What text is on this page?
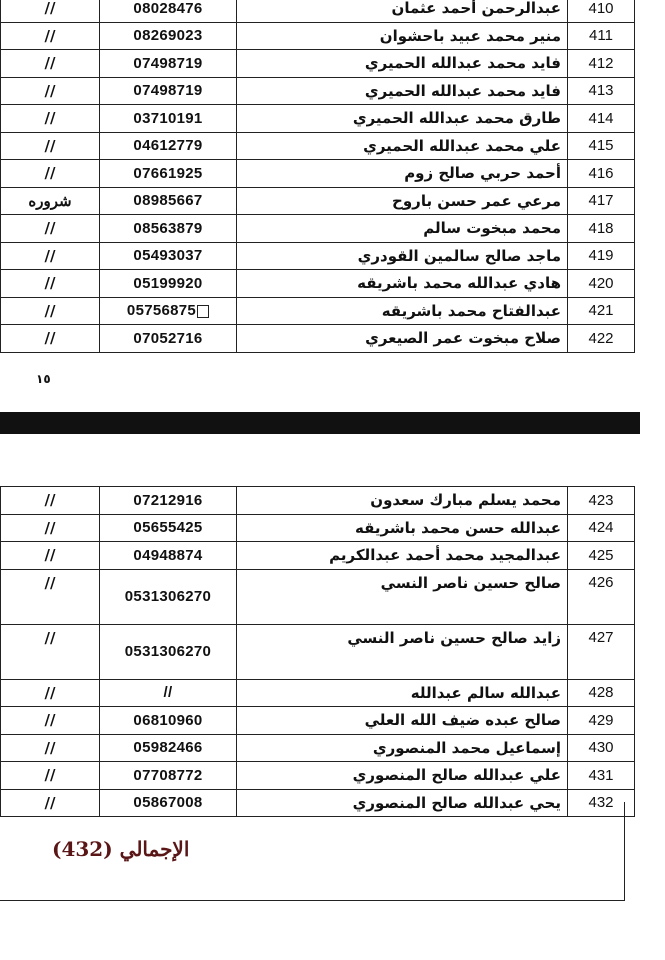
//	08028476	عبدالرحمن أحمد عثمان	410
//	08269023	منير محمد عبيد باحشوان	411
//	07498719	فايد محمد عبدالله الحميري	412
//	07498719	فايد محمد عبدالله الحميري	413
//	03710191	طارق محمد عبدالله الحميري	414
//	04612779	علي محمد عبدالله الحميري	415
//	07661925	أحمد حربي صالح زوم	416
شروره	08985667	مرعي عمر حسن باروح	417
//	08563879	محمد مبخوت سالم	418
//	05493037	ماجد صالح سالمين القودري	419
//	05199920	هادي عبدالله محمد باشريقه	420
//	05756875	عبدالفتاح محمد باشريقه	421
//	07052716	صلاح مبخوت عمر الصيعري	422
١٥
//	07212916	محمد يسلم مبارك سعدون	423
//	05655425	عبدالله حسن محمد باشريقه	424
//	04948874	عبدالمجيد محمد أحمد عبدالكريم	425
//	0531306270	صالح حسين ناصر النسي	426
//	0531306270	زايد صالح حسين ناصر النسي	427
//	//	عبدالله سالم عبدالله	428
//	06810960	صالح عبده ضيف الله العلي	429
//	05982466	إسماعيل محمد المنصوري	430
//	07708772	علي عبدالله صالح المنصوري	431
//	05867008	يحي عبدالله صالح المنصوري	432
الإجمالي (432)
